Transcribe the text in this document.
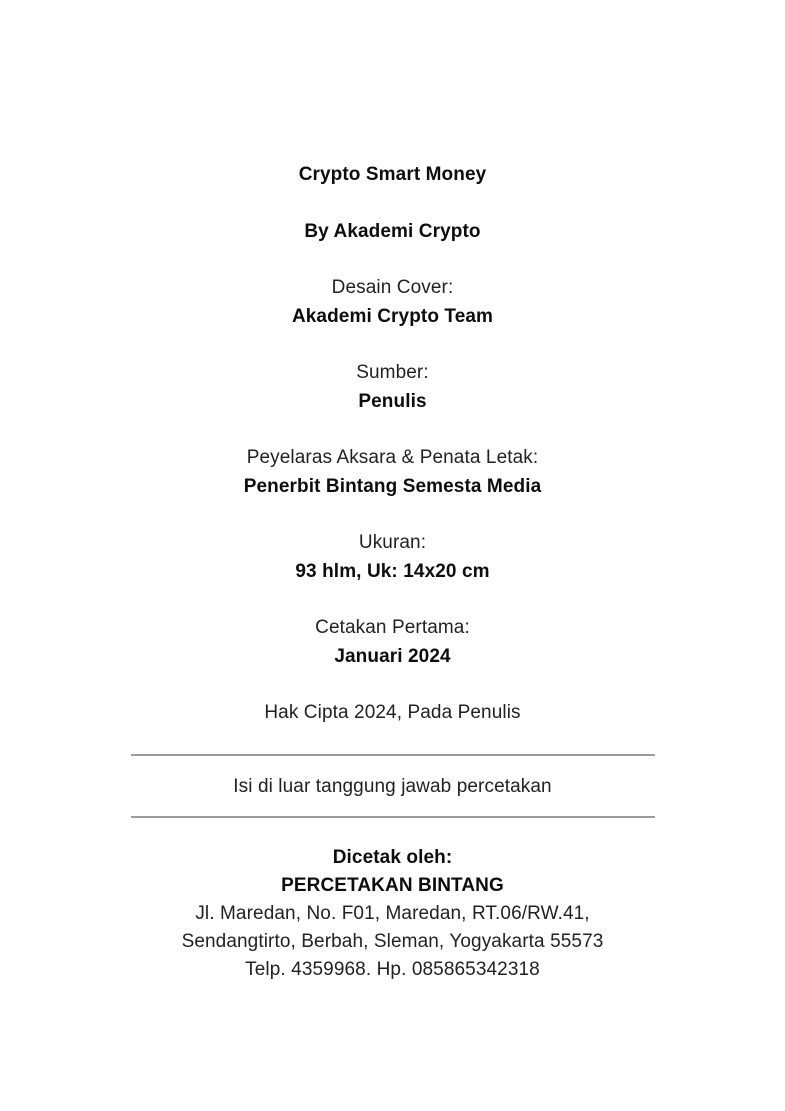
Crypto Smart Money
By Akademi Crypto
Desain Cover:
Akademi Crypto Team
Sumber:
Penulis
Peyelaras Aksara & Penata Letak:
Penerbit Bintang Semesta Media
Ukuran:
93 hlm, Uk: 14x20 cm
Cetakan Pertama:
Januari 2024
Hak Cipta 2024, Pada Penulis
Isi di luar tanggung jawab percetakan
Dicetak oleh:
PERCETAKAN BINTANG
Jl. Maredan, No. F01, Maredan, RT.06/RW.41,
Sendangtirto, Berbah, Sleman, Yogyakarta 55573
Telp. 4359968. Hp. 085865342318
